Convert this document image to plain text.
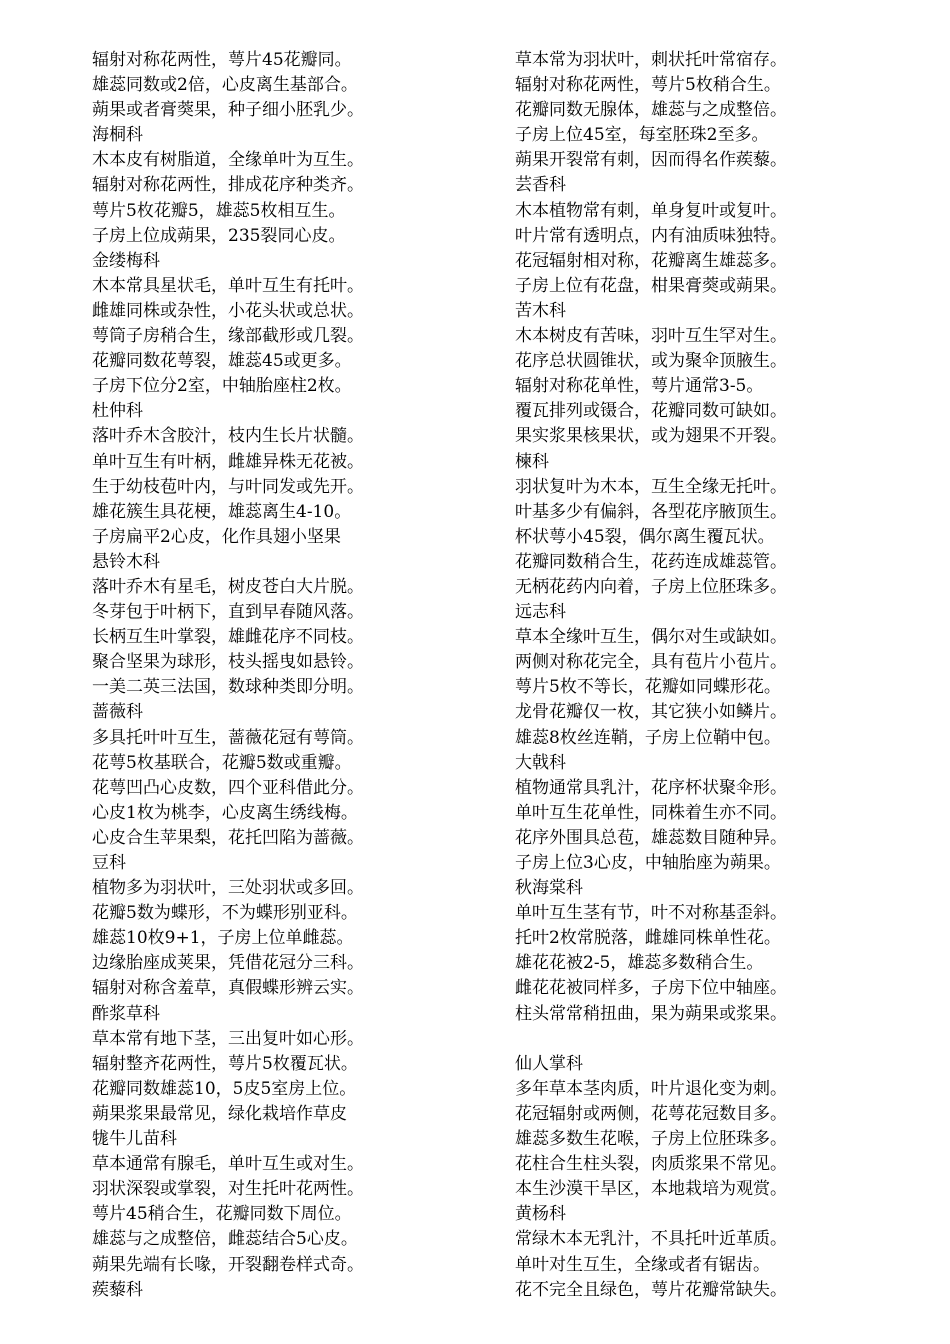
辐射对称花两性，萼片45花瓣同。
雄蕊同数或2倍，心皮离生基部合。
蒴果或者膏葖果，种子细小胚乳少。
海桐科
木本皮有树脂道，全缘单叶为互生。
辐射对称花两性，排成花序种类齐。
萼片5枚花瓣5，雄蕊5枚相互生。
子房上位成蒴果，235裂同心皮。
金缕梅科
木本常具星状毛，单叶互生有托叶。
雌雄同株或杂性，小花头状或总状。
萼筒子房稍合生，缘部截形或几裂。
花瓣同数花萼裂，雄蕊45或更多。
子房下位分2室，中轴胎座柱2枚。
杜仲科
落叶乔木含胶汁，枝内生长片状髓。
单叶互生有叶柄，雌雄异株无花被。
生于幼枝苞叶内，与叶同发或先开。
雄花簇生具花梗，雄蕊离生4-10。
子房扁平2心皮，化作具翅小坚果
悬铃木科
落叶乔木有星毛，树皮苍白大片脱。
冬芽包于叶柄下，直到早春随风落。
长柄互生叶掌裂，雄雌花序不同枝。
聚合坚果为球形，枝头摇曳如悬铃。
一美二英三法国，数球种类即分明。
蔷薇科
多具托叶叶互生，蔷薇花冠有萼筒。
花萼5枚基联合，花瓣5数或重瓣。
花萼凹凸心皮数，四个亚科借此分。
心皮1枚为桃李，心皮离生绣线梅。
心皮合生苹果梨，花托凹陷为蔷薇。
豆科
植物多为羽状叶，三处羽状或多回。
花瓣5数为蝶形，不为蝶形别亚科。
雄蕊10枚9+1，子房上位单雌蕊。
边缘胎座成荚果，凭借花冠分三科。
辐射对称含羞草，真假蝶形辨云实。
酢浆草科
草本常有地下茎，三出复叶如心形。
辐射整齐花两性，萼片5枚覆瓦状。
花瓣同数雄蕊10，5皮5室房上位。
蒴果浆果最常见，绿化栽培作草皮
牻牛儿苗科
草本通常有腺毛，单叶互生或对生。
羽状深裂或掌裂，对生托叶花两性。
萼片45稍合生，花瓣同数下周位。
雄蕊与之成整倍，雌蕊结合5心皮。
蒴果先端有长喙，开裂翻卷样式奇。
蒺藜科
草本常为羽状叶，刺状托叶常宿存。
辐射对称花两性，萼片5枚稍合生。
花瓣同数无腺体，雄蕊与之成整倍。
子房上位45室，每室胚珠2至多。
蒴果开裂常有刺，因而得名作蒺藜。
芸香科
木本植物常有刺，单身复叶或复叶。
叶片常有透明点，内有油质味独特。
花冠辐射相对称，花瓣离生雄蕊多。
子房上位有花盘，柑果膏葖或蒴果。
苦木科
木本树皮有苦味，羽叶互生罕对生。
花序总状圆锥状，或为聚伞顶腋生。
辐射对称花单性，萼片通常3-5。
覆瓦排列或镊合，花瓣同数可缺如。
果实浆果核果状，或为翅果不开裂。
楝科
羽状复叶为木本，互生全缘无托叶。
叶基多少有偏斜，各型花序腋顶生。
杯状萼小45裂，偶尔离生覆瓦状。
花瓣同数稍合生，花药连成雄蕊管。
无柄花药内向着，子房上位胚珠多。
远志科
草本全缘叶互生，偶尔对生或缺如。
两侧对称花完全，具有苞片小苞片。
萼片5枚不等长，花瓣如同蝶形花。
龙骨花瓣仅一枚，其它狭小如鳞片。
雄蕊8枚丝连鞘，子房上位鞘中包。
大戟科
植物通常具乳汁，花序杯状聚伞形。
单叶互生花单性，同株着生亦不同。
花序外围具总苞，雄蕊数目随种异。
子房上位3心皮，中轴胎座为蒴果。
秋海棠科
单叶互生茎有节，叶不对称基歪斜。
托叶2枚常脱落，雌雄同株单性花。
雄花花被2-5，雄蕊多数稍合生。
雌花花被同样多，子房下位中轴座。
柱头常常稍扭曲，果为蒴果或浆果。
仙人掌科
多年草本茎肉质，叶片退化变为刺。
花冠辐射或两侧，花萼花冠数目多。
雄蕊多数生花喉，子房上位胚珠多。
花柱合生柱头裂，肉质浆果不常见。
本生沙漠干旱区，本地栽培为观赏。
黄杨科
常绿木本无乳汁，不具托叶近革质。
单叶对生互生，全缘或者有锯齿。
花不完全且绿色，萼片花瓣常缺失。
